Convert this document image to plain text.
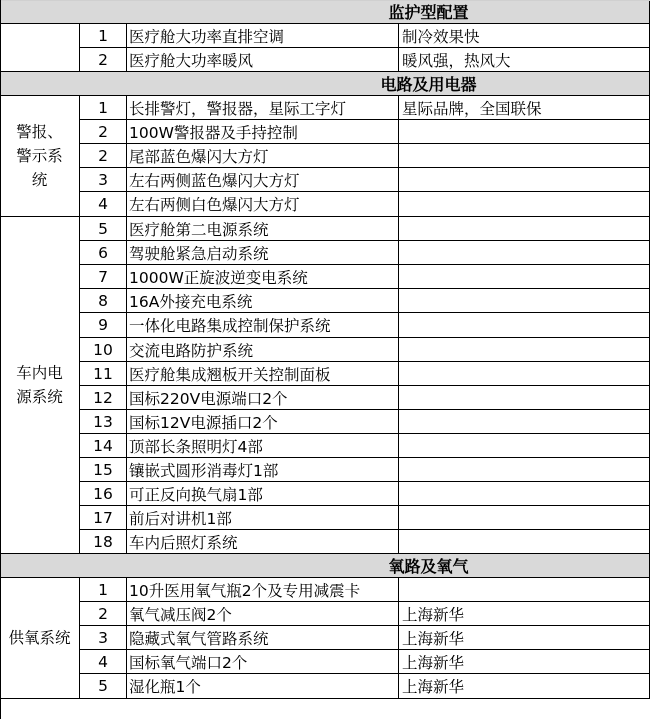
监护型配置
1 医疗舱大功率直排空调	制冷效果快
2 医疗舱大功率暖风	暖风强，热风大
电路及用电器
警报、
警示系
统
1 长排警灯，警报器，星际工字灯	星际品牌，全国联保
2 100W警报器及手持控制
2 尾部蓝色爆闪大方灯
3 左右两侧蓝色爆闪大方灯
4 左右两侧白色爆闪大方灯
车内电
源系统
5 医疗舱第二电源系统
6 驾驶舱紧急启动系统
7 1000W正旋波逆变电系统
8 16A外接充电系统
9 一体化电路集成控制保护系统
10 交流电路防护系统
11 医疗舱集成翘板开关控制面板
12 国标220V电源端口2个
13 国标12V电源插口2个
14 顶部长条照明灯4部
15 镶嵌式圆形消毒灯1部
16 可正反向换气扇1部
17 前后对讲机1部
18 车内后照灯系统
氧路及氧气
供氧系统
1 10升医用氧气瓶2个及专用减震卡
2 氧气减压阀2个	上海新华
3 隐藏式氧气管路系统	上海新华
4 国标氧气端口2个	上海新华
5 湿化瓶1个	上海新华
